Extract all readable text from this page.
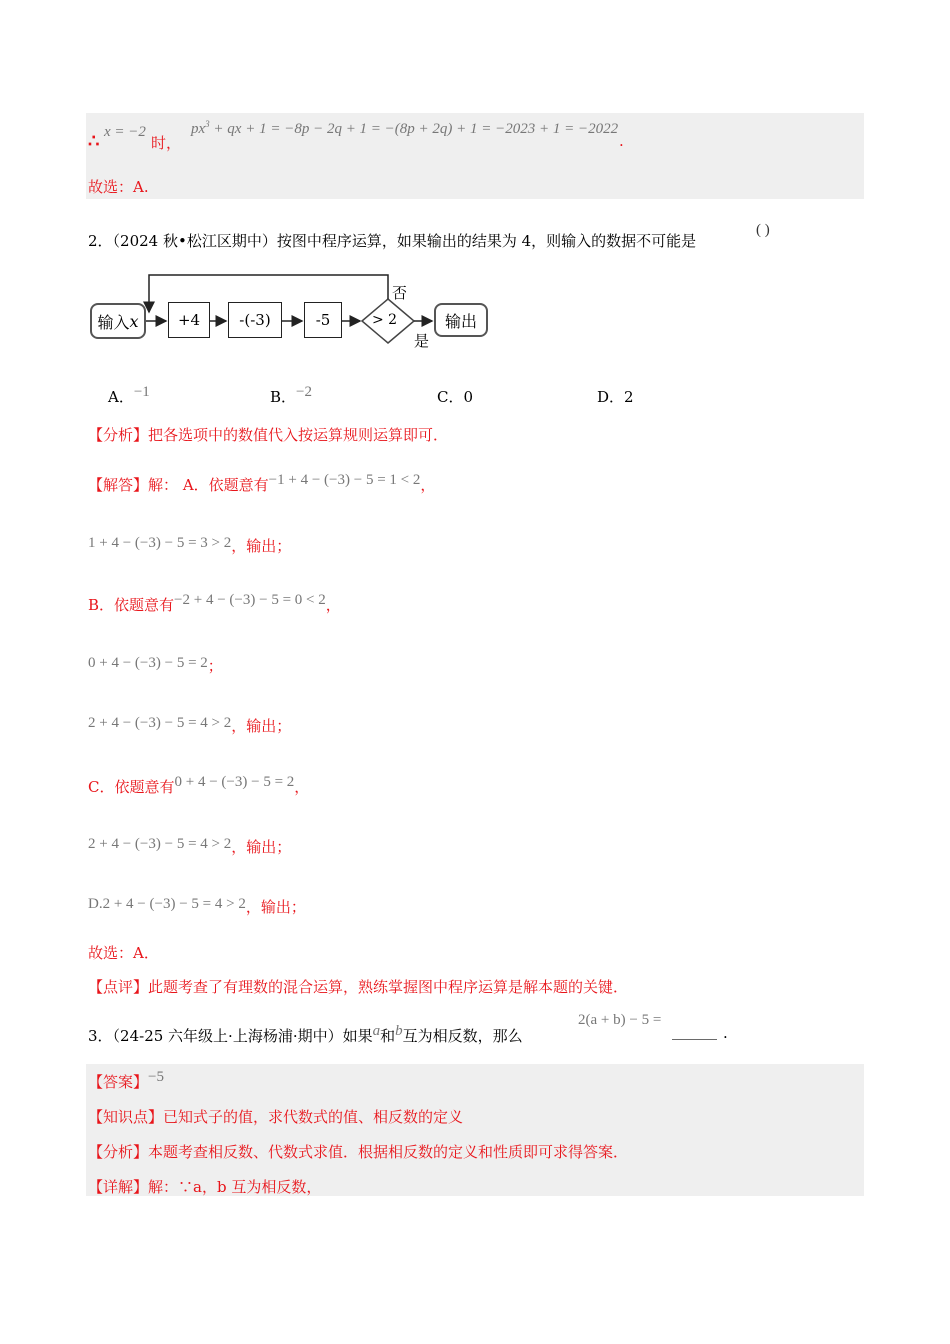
∴ x = −2
时，
$px^3$ + qx + 1 = −8p − 2q + 1 = −(8p + 2q) + 1 = −2023 + 1 = −2022
.
故选：A.
2．（2024 秋•松江区期中）按图中程序运算，如果输出的结果为 4，则输入的数据不可能是
( )
输入 x	+4	-(-3)	-5	> 2
否
是
输出
A．−1	B．−2	C．0	D．2
【分析】把各选项中的数值代入按运算规则运算即可．
【解答】解： A．依题意有−1 + 4 − (−3) − 5 = 1 < 2，
1 + 4 − (−3) − 5 = 3 > 2，输出；
B．依题意有−2 + 4 − (−3) − 5 = 0 < 2，
0 + 4 − (−3) − 5 = 2；
2 + 4 − (−3) − 5 = 4 > 2，输出；
C．依题意有0 + 4 − (−3) − 5 = 2，
2 + 4 − (−3) − 5 = 4 > 2，输出；
D.2 + 4 − (−3) − 5 = 4 > 2，输出；
故选：A．
【点评】此题考查了有理数的混合运算，熟练掌握图中程序运算是解本题的关键．
3．（24-25 六年级上·上海杨浦·期中）如果a和b互为相反数，那么
2(a + b) − 5 =
______ .
【答案】−5
【知识点】已知式子的值，求代数式的值、相反数的定义
【分析】本题考查相反数、代数式求值．根据相反数的定义和性质即可求得答案．
【详解】解：∵a，b 互为相反数，
